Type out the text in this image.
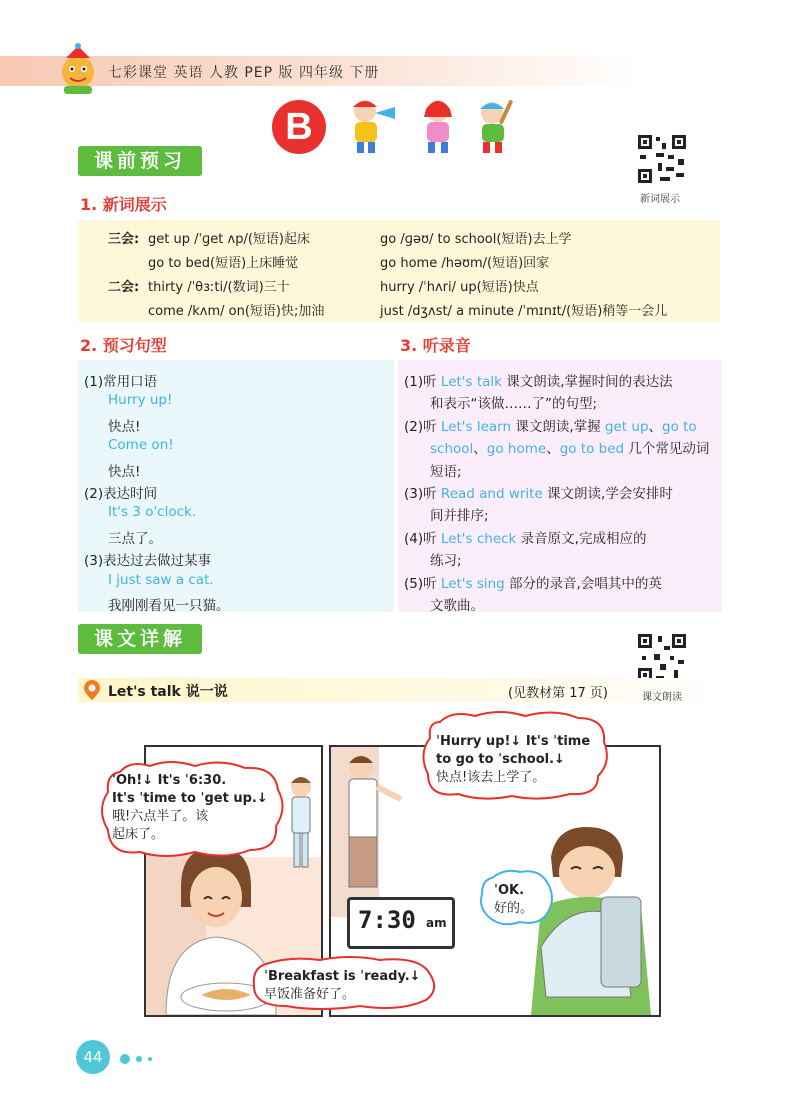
七彩课堂 英语 人教 PEP 版 四年级 下册
B
课前预习
新词展示
1. 新词展示
三会: get up /ˈɡet ʌp/(短语)起床	go /ɡəʊ/ to school(短语)去上学
go to bed(短语)上床睡觉	go home /həʊm/(短语)回家
二会: thirty /ˈθɜːti/(数词)三十	hurry /ˈhʌri/ up(短语)快点
come /kʌm/ on(短语)快;加油	just /dʒʌst/ a minute /ˈmɪnɪt/(短语)稍等一会儿
2. 预习句型	3. 听录音
(1)常用口语
Hurry up!
快点!
Come on!
快点!
(2)表达时间
It's 3 o'clock.
三点了。
(3)表达过去做过某事
I just saw a cat.
我刚刚看见一只猫。
(1)听 Let's talk 课文朗读,掌握时间的表达法
和表示“该做……了”的句型;
(2)听 Let's learn 课文朗读,掌握 get up、go to
school、go home、go to bed 几个常见动词
短语;
(3)听 Read and write 课文朗读,学会安排时
间并排序;
(4)听 Let's check 录音原文,完成相应的
练习;
(5)听 Let's sing 部分的录音,会唱其中的英
文歌曲。
课文详解
Let's talk 说一说	(见教材第 17 页)	课文朗读
7:30 am
ˈOh!↓ It's ˈ6:30.
It's ˈtime to ˈget up.↓
哦!六点半了。该
起床了。
ˈHurry up!↓ It's ˈtime
to go to ˈschool.↓
快点!该去上学了。
ˈOK.
好的。
ˈBreakfast is ˈready.↓
早饭准备好了。
44
